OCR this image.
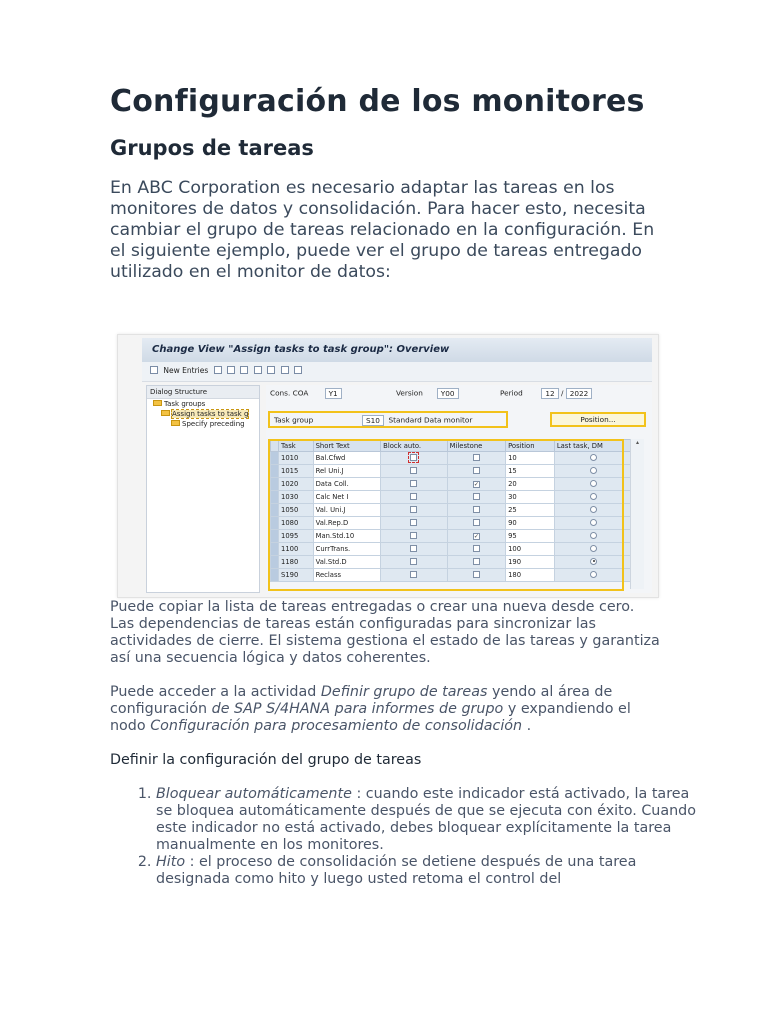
Configuración de los monitores
Grupos de tareas

En ABC Corporation es necesario adaptar las tareas en los monitores de datos y consolidación. Para hacer esto, necesita cambiar el grupo de tareas relacionado en la configuración. En el siguiente ejemplo, puede ver el grupo de tareas entregado utilizado en el monitor de datos:

Puede copiar la lista de tareas entregadas o crear una nueva desde cero. Las dependencias de tareas están configuradas para sincronizar las actividades de cierre. El sistema gestiona el estado de las tareas y garantiza así una secuencia lógica y datos coherentes.

Puede acceder a la actividad Definir grupo de tareas yendo al área de configuración de SAP S/4HANA para informes de grupo y expandiendo el nodo Configuración para procesamiento de consolidación .

Definir la configuración del grupo de tareas

1. Bloquear automáticamente : cuando este indicador está activado, la tarea se bloquea automáticamente después de que se ejecuta con éxito. Cuando este indicador no está activado, debes bloquear explícitamente la tarea manualmente en los monitores.
2. Hito : el proceso de consolidación se detiene después de una tarea designada como hito y luego usted retoma el control del
Change View "Assign tasks to task group": Overview
New Entries
Dialog Structure
Task groups
Assign tasks to task g
Specify preceding
Cons. COA	Y1	Version Y00	Period	12 / 2022
Task group	S10 Standard Data monitor	Position...
	Task	Short Text	Block auto.	Milestone	Position	Last task, DM
	1010	Bal.Cfwd			10	
	1015	Rel Uni.J			15	
	1020	Data Coll.		✓	20	
	1030	Calc Net I			30	
	1050	Val. Uni.J			25	
	1080	Val.Rep.D			90	
	1095	Man.Std.10		✓	95	
	1100	CurrTrans.			100	
	1180	Val.Std.D			190	
	S190	Reclass			180	
▴
